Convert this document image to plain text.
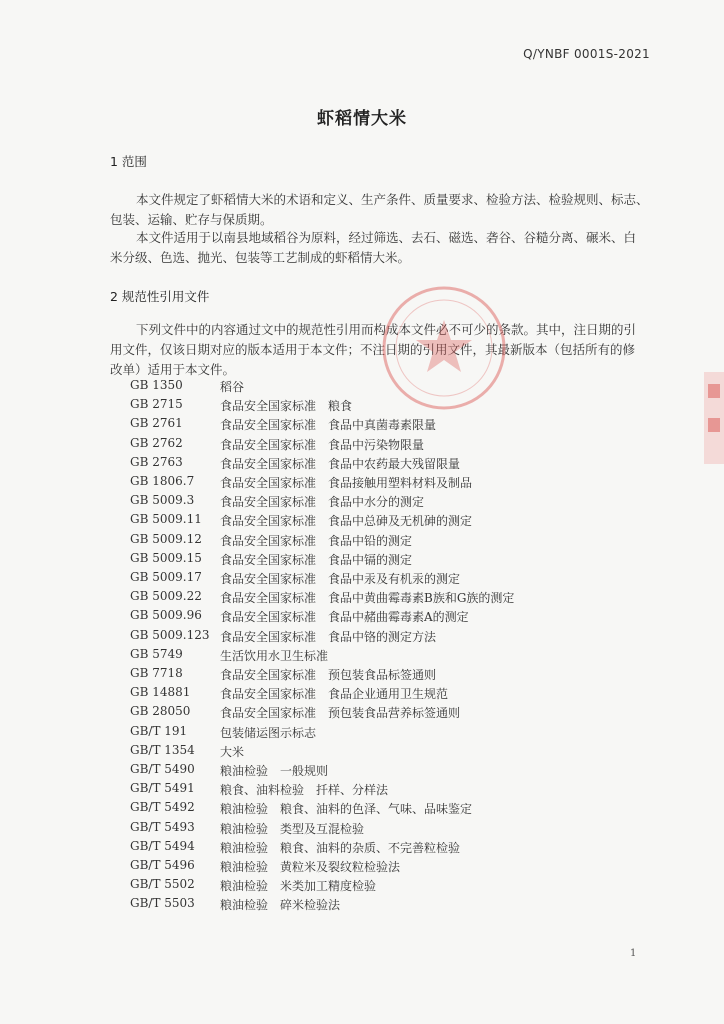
Q/YNBF 0001S-2021
虾稻情大米
1 范围
本文件规定了虾稻情大米的术语和定义、生产条件、质量要求、检验方法、检验规则、标志、
包装、运输、贮存与保质期。
本文件适用于以南县地域稻谷为原料，经过筛选、去石、磁选、砻谷、谷糙分离、碾米、白
米分级、色选、抛光、包装等工艺制成的虾稻情大米。
2 规范性引用文件
下列文件中的内容通过文中的规范性引用而构成本文件必不可少的条款。其中，注日期的引
用文件，仅该日期对应的版本适用于本文件；不注日期的引用文件，其最新版本（包括所有的修
改单）适用于本文件。
GB 1350	稻谷
GB 2715	食品安全国家标准　粮食
GB 2761	食品安全国家标准　食品中真菌毒素限量
GB 2762	食品安全国家标准　食品中污染物限量
GB 2763	食品安全国家标准　食品中农药最大残留限量
GB 1806.7 食品安全国家标准　食品接触用塑料材料及制品
GB 5009.3 食品安全国家标准　食品中水分的测定
GB 5009.11 食品安全国家标准　食品中总砷及无机砷的测定
GB 5009.12 食品安全国家标准　食品中铅的测定
GB 5009.15 食品安全国家标准　食品中镉的测定
GB 5009.17 食品安全国家标准　食品中汞及有机汞的测定
GB 5009.22 食品安全国家标准　食品中黄曲霉毒素B族和G族的测定
GB 5009.96 食品安全国家标准　食品中赭曲霉毒素A的测定
GB 5009.123 食品安全国家标准　食品中铬的测定方法
GB 5749	生活饮用水卫生标准
GB 7718	食品安全国家标准　预包装食品标签通则
GB 14881 食品安全国家标准　食品企业通用卫生规范
GB 28050 食品安全国家标准　预包装食品营养标签通则
GB/T 191	包装储运图示标志
GB/T 1354 大米
GB/T 5490 粮油检验　一般规则
GB/T 5491 粮食、油料检验　扦样、分样法
GB/T 5492 粮油检验　粮食、油料的色泽、气味、品味鉴定
GB/T 5493 粮油检验　类型及互混检验
GB/T 5494 粮油检验　粮食、油料的杂质、不完善粒检验
GB/T 5496 粮油检验　黄粒米及裂纹粒检验法
GB/T 5502 粮油检验　米类加工精度检验
GB/T 5503 粮油检验　碎米检验法
1
